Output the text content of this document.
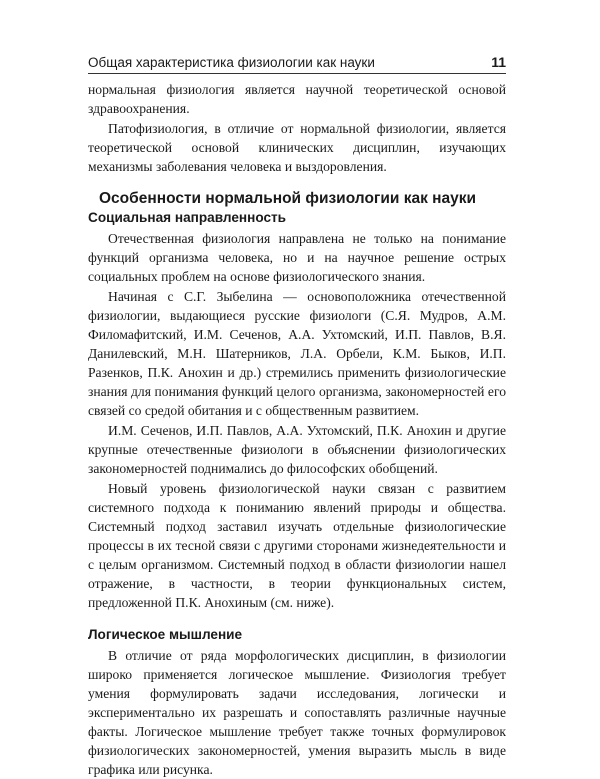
Общая характеристика физиологии как науки	11

нормальная физиология является научной теоретической основой здравоохранения.

Патофизиология, в отличие от нормальной физиологии, является теоретической основой клинических дисциплин, изучающих механизмы заболевания человека и выздоровления.

Особенности нормальной физиологии как науки
Социальная направленность

Отечественная физиология направлена не только на понимание функций организма человека, но и на научное решение острых социальных проблем на основе физиологического знания.

Начиная с С.Г. Зыбелина — основоположника отечественной физиологии, выдающиеся русские физиологи (С.Я. Мудров, А.М. Филомафитский, И.М. Сеченов, А.А. Ухтомский, И.П. Павлов, В.Я. Данилевский, М.Н. Шатерников, Л.А. Орбели, К.М. Быков, И.П. Разенков, П.К. Анохин и др.) стремились применить физиологические знания для понимания функций целого организма, закономерностей его связей со средой обитания и с общественным развитием.

И.М. Сеченов, И.П. Павлов, А.А. Ухтомский, П.К. Анохин и другие крупные отечественные физиологи в объяснении физиологических закономерностей поднимались до философских обобщений.

Новый уровень физиологической науки связан с развитием системного подхода к пониманию явлений природы и общества. Системный подход заставил изучать отдельные физиологические процессы в их тесной связи с другими сторонами жизнедеятельности и с целым организмом. Системный подход в области физиологии нашел отражение, в частности, в теории функциональных систем, предложенной П.К. Анохиным (см. ниже).

Логическое мышление

В отличие от ряда морфологических дисциплин, в физиологии широко применяется логическое мышление. Физиология требует умения формулировать задачи исследования, логически и экспериментально их разрешать и сопоставлять различные научные факты. Логическое мышление требует также точных формулировок физиологических закономерностей, умения выразить мысль в виде графика или рисунка.
